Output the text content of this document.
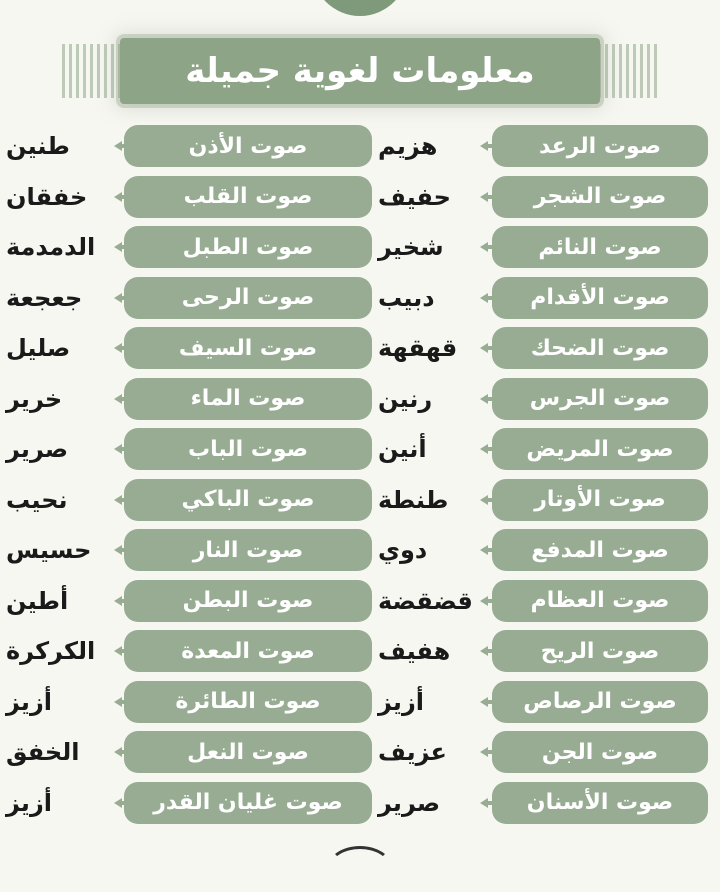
معلومات لغوية جميلة
صوت الرعد
هزيم
صوت الأذن
طنين
صوت الشجر
حفيف
صوت القلب
خفقان
صوت النائم
شخير
صوت الطبل
الدمدمة
صوت الأقدام
دبيب
صوت الرحى
جعجعة
صوت الضحك
قهقهة
صوت السيف
صليل
صوت الجرس
رنين
صوت الماء
خرير
صوت المريض
أنين
صوت الباب
صرير
صوت الأوتار
طنطة
صوت الباكي
نحيب
صوت المدفع
دوي
صوت النار
حسيس
صوت العظام
قضقضة
صوت البطن
أطين
صوت الريح
هفيف
صوت المعدة
الكركرة
صوت الرصاص
أزيز
صوت الطائرة
أزيز
صوت الجن
عزيف
صوت النعل
الخفق
صوت الأسنان
صرير
صوت غليان القدر
أزيز
